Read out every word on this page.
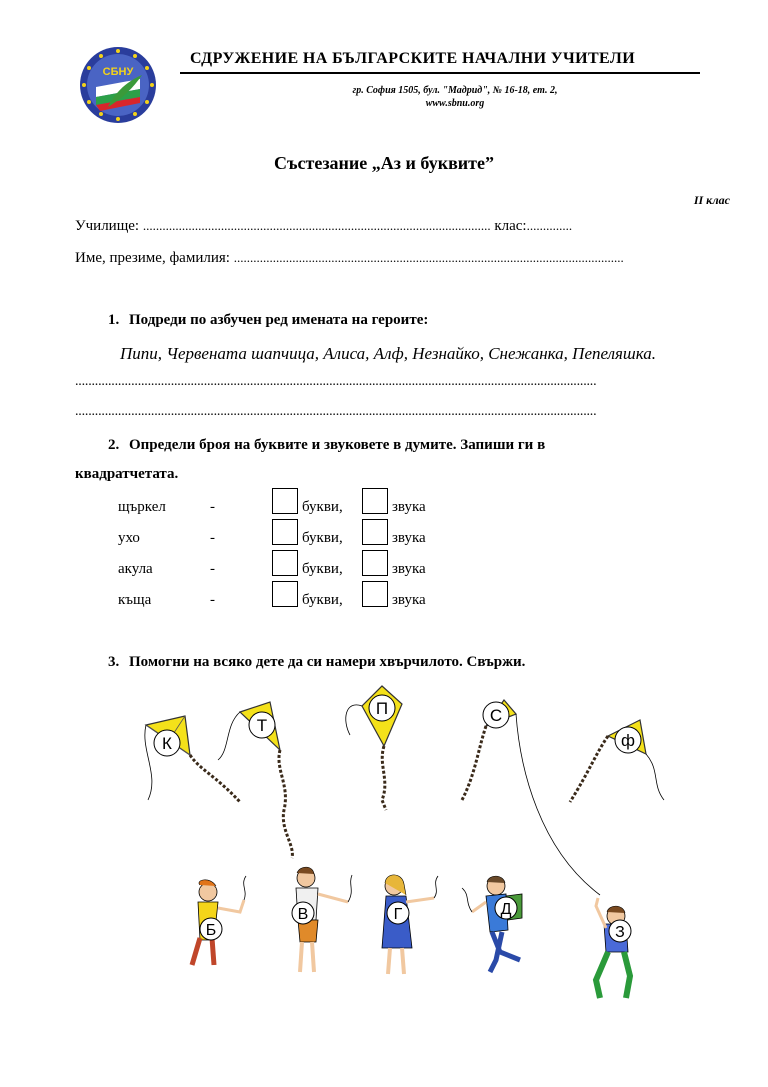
СБНУ
СДРУЖЕНИЕ НА БЪЛГАРСКИТЕ НАЧАЛНИ УЧИТЕЛИ
гр. София 1505, бул. "Мадрид", № 16-18, ет. 2,
www.sbnu.org
Състезание „Аз и буквите”
II клас
Училище: ........................................................................................................... клас:..............
Име, презиме, фамилия: ........................................................................................................................
1. Подреди по азбучен ред имената на героите:
Пипи, Червената шапчица, Алиса, Алф, Незнайко, Снежанка, Пепеляшка.
..............................................................................................................................................................
..............................................................................................................................................................
2. Определи броя на буквите и звуковете в думите. Запиши ги в
квадратчетата.
щъркел	-	букви,	звука
ухо	-	букви,	звука
акула	-	букви,	звука
къща	-	букви,	звука
3. Помогни на всяко дете да си намери хвърчилото. Свържи.
К
Т
П	С
ф
Б
В	Г	Д
З
